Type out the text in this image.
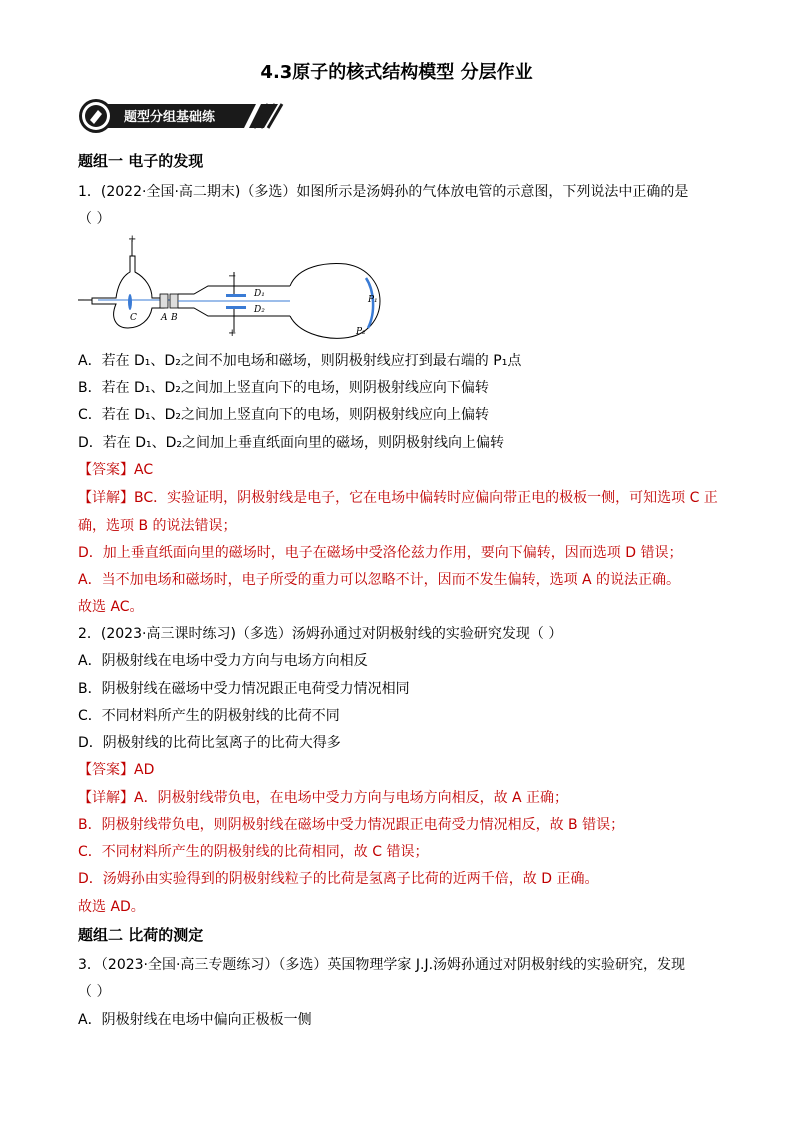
4.3原子的核式结构模型 分层作业
题型分组基础练
题组一 电子的发现
1．(2022·全国·高二期末)（多选）如图所示是汤姆孙的气体放电管的示意图，下列说法中正确的是
（ ）
+
−
C	A B
−
+
D₁
D₂
P₁
P₂
A．若在 D₁、D₂之间不加电场和磁场，则阴极射线应打到最右端的 P₁点
B．若在 D₁、D₂之间加上竖直向下的电场，则阴极射线应向下偏转
C．若在 D₁、D₂之间加上竖直向下的电场，则阴极射线应向上偏转
D．若在 D₁、D₂之间加上垂直纸面向里的磁场，则阴极射线向上偏转
【答案】AC
【详解】BC．实验证明，阴极射线是电子，它在电场中偏转时应偏向带正电的极板一侧，可知选项 C 正
确，选项 B 的说法错误；
D．加上垂直纸面向里的磁场时，电子在磁场中受洛伦兹力作用，要向下偏转，因而选项 D 错误；
A．当不加电场和磁场时，电子所受的重力可以忽略不计，因而不发生偏转，选项 A 的说法正确。
故选 AC。
2．(2023·高三课时练习)（多选）汤姆孙通过对阴极射线的实验研究发现（ ）
A．阴极射线在电场中受力方向与电场方向相反
B．阴极射线在磁场中受力情况跟正电荷受力情况相同
C．不同材料所产生的阴极射线的比荷不同
D．阴极射线的比荷比氢离子的比荷大得多
【答案】AD
【详解】A．阴极射线带负电，在电场中受力方向与电场方向相反，故 A 正确；
B．阴极射线带负电，则阴极射线在磁场中受力情况跟正电荷受力情况相反，故 B 错误；
C．不同材料所产生的阴极射线的比荷相同，故 C 错误；
D．汤姆孙由实验得到的阴极射线粒子的比荷是氢离子比荷的近两千倍，故 D 正确。
故选 AD。
题组二 比荷的测定
3．（2023·全国·高三专题练习）（多选）英国物理学家 J.J.汤姆孙通过对阴极射线的实验研究，发现
（ ）
A．阴极射线在电场中偏向正极板一侧
